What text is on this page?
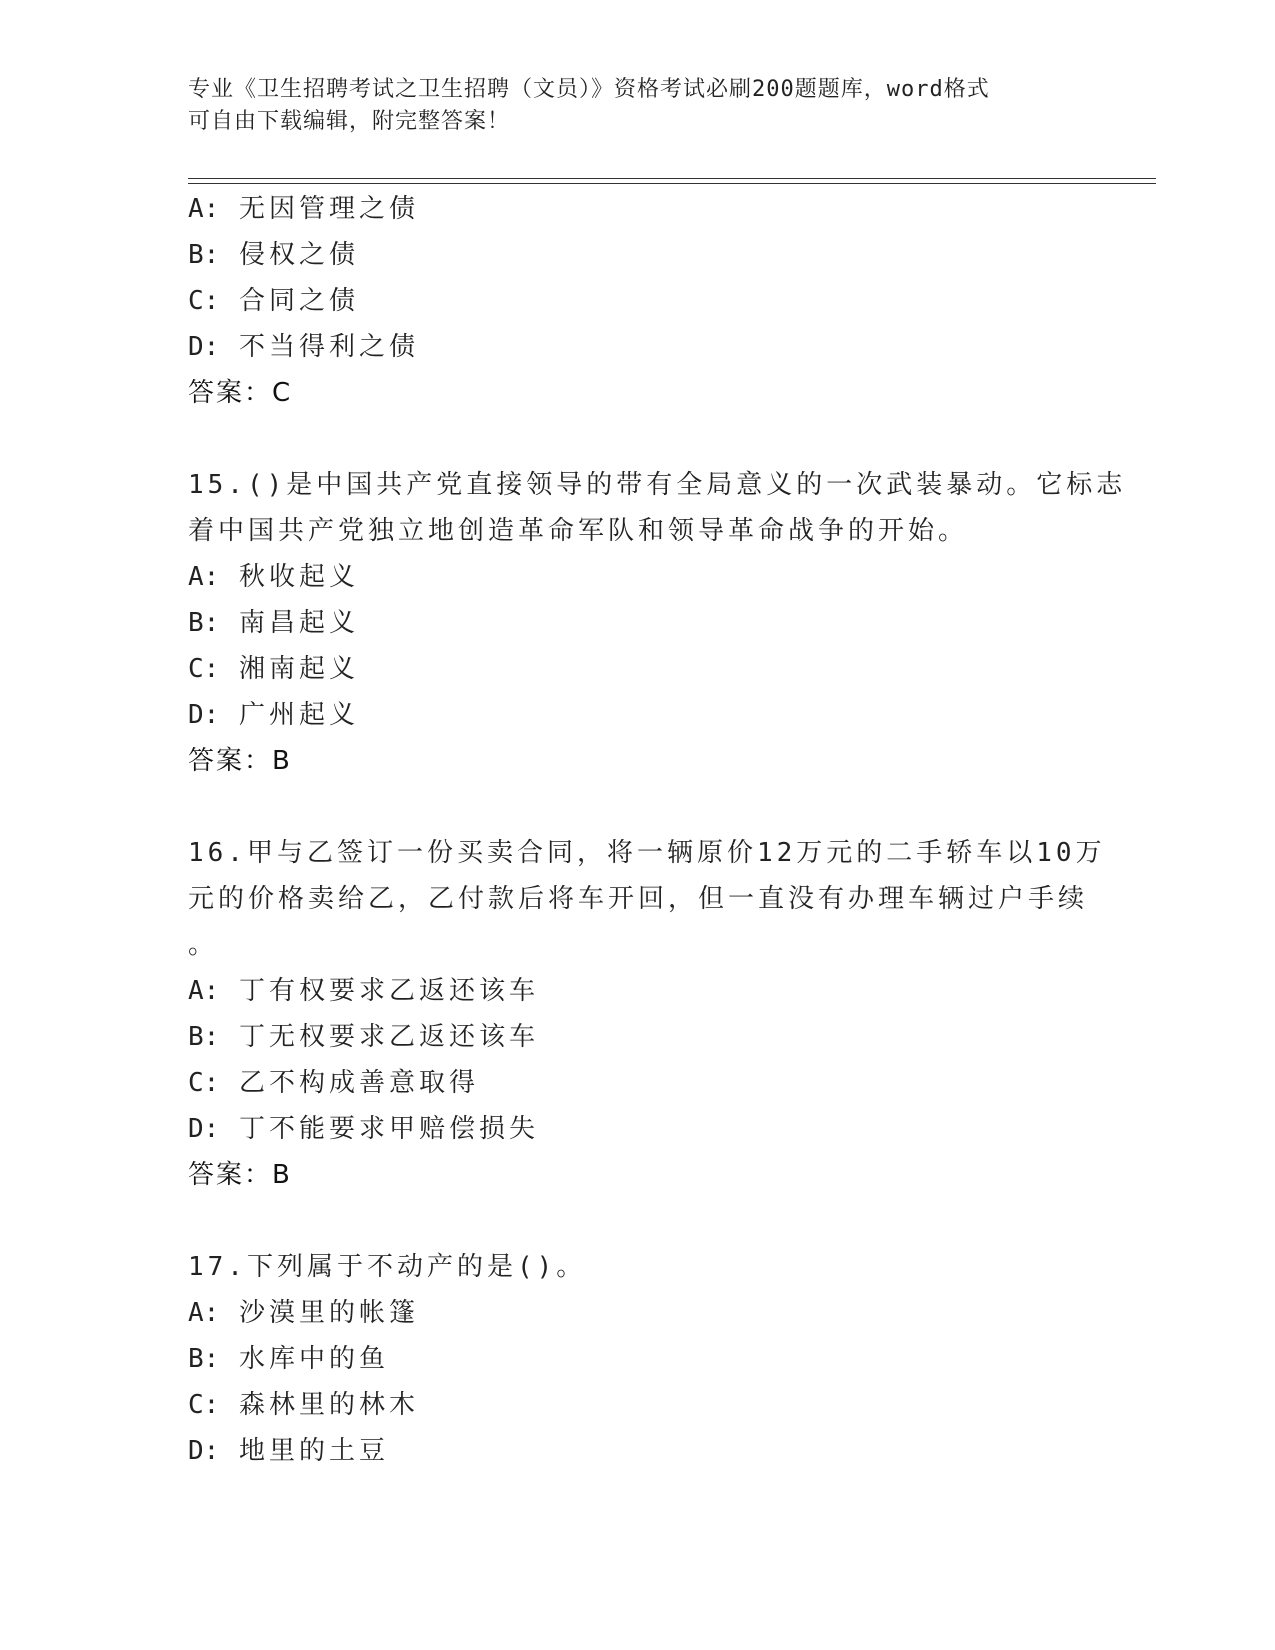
专业《卫生招聘考试之卫生招聘（文员）》资格考试必刷200题题库，word格式
可自由下载编辑，附完整答案！
A: 无因管理之债
B: 侵权之债
C: 合同之债
D: 不当得利之债
答案：C
15.()是中国共产党直接领导的带有全局意义的一次武装暴动。它标志
着中国共产党独立地创造革命军队和领导革命战争的开始。
A: 秋收起义
B: 南昌起义
C: 湘南起义
D: 广州起义
答案：B
16.甲与乙签订一份买卖合同，将一辆原价12万元的二手轿车以10万
元的价格卖给乙，乙付款后将车开回，但一直没有办理车辆过户手续
。
A: 丁有权要求乙返还该车
B: 丁无权要求乙返还该车
C: 乙不构成善意取得
D: 丁不能要求甲赔偿损失
答案：B
17.下列属于不动产的是()。
A: 沙漠里的帐篷
B: 水库中的鱼
C: 森林里的林木
D: 地里的土豆
